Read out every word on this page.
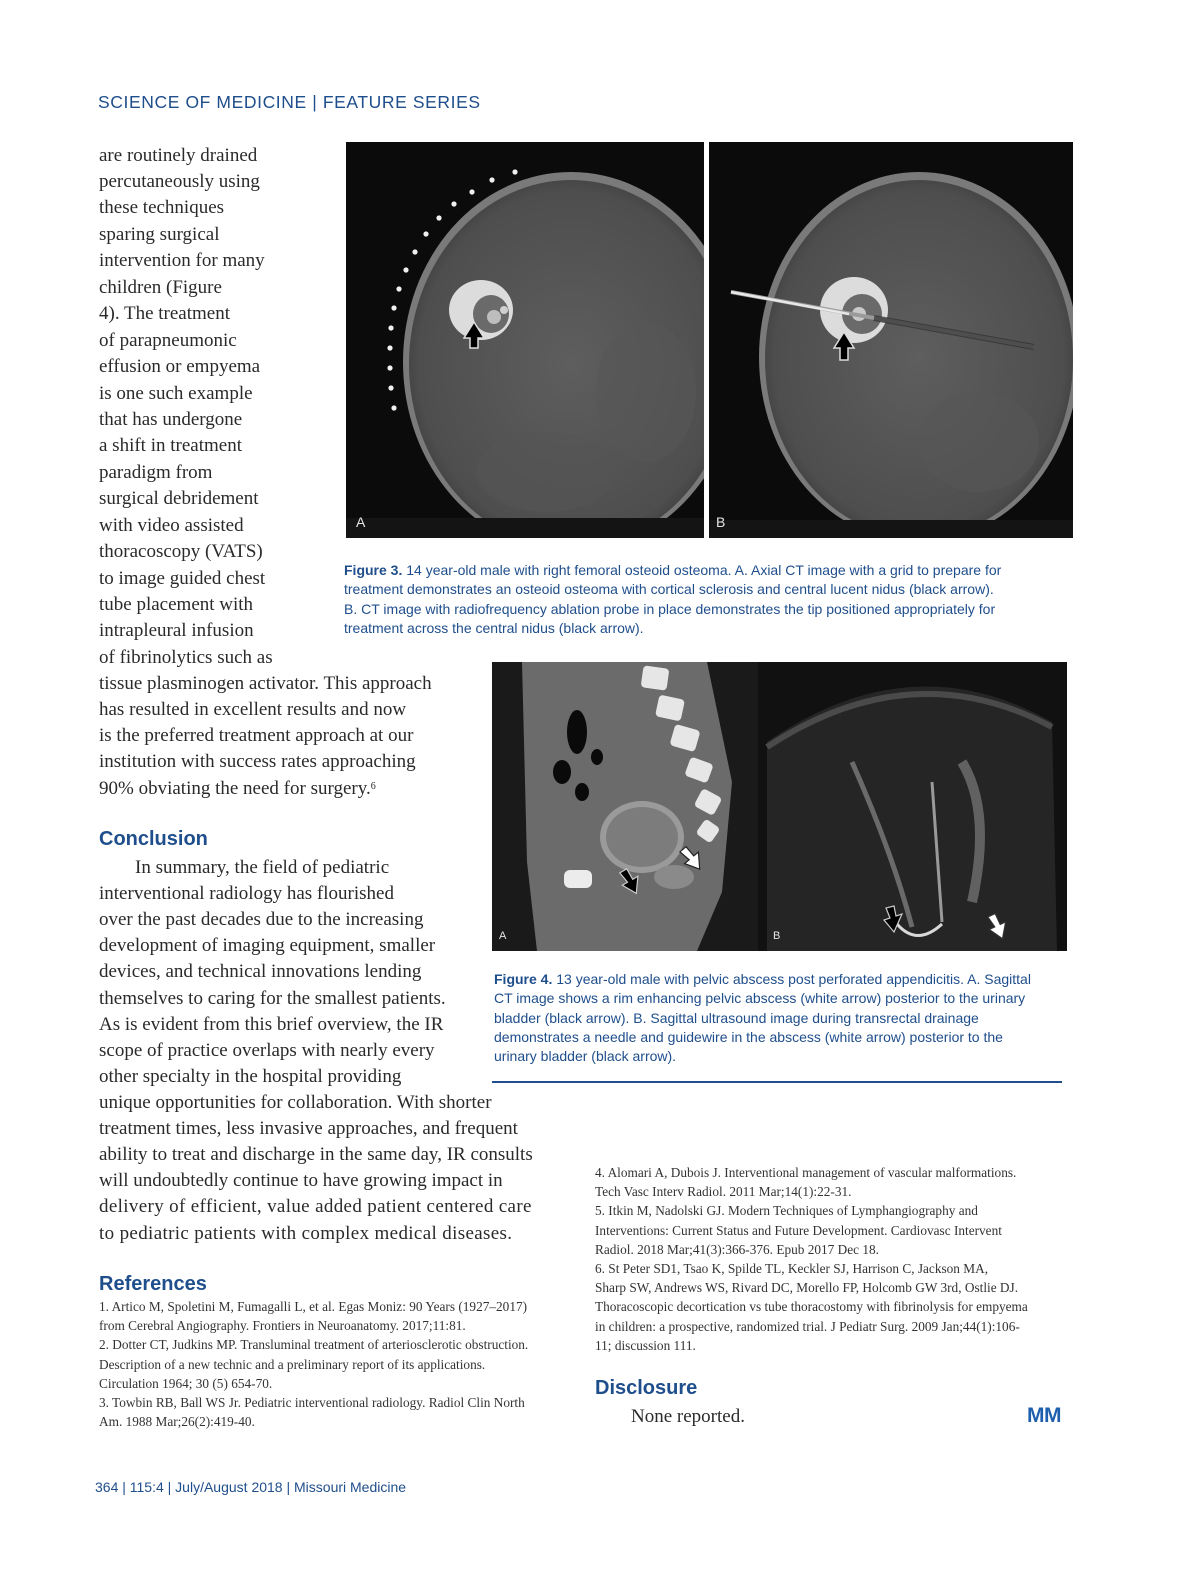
SCIENCE OF MEDICINE | FEATURE SERIES
are routinely drained
percutaneously using
these techniques
sparing surgical
intervention for many
children (Figure
4). The treatment
of parapneumonic
effusion or empyema
is one such example
that has undergone
a shift in treatment
paradigm from
surgical debridement
with video assisted
thoracoscopy (VATS)
to image guided chest
tube placement with
intrapleural infusion
of fibrinolytics such as
tissue plasminogen activator. This approach
has resulted in excellent results and now
is the preferred treatment approach at our
institution with success rates approaching
90% obviating the need for surgery.$^6$
A	B
Figure 3. 14 year-old male with right femoral osteoid osteoma. A. Axial CT image with a grid to prepare for
treatment demonstrates an osteoid osteoma with cortical sclerosis and central lucent nidus (black arrow).
B. CT image with radiofrequency ablation probe in place demonstrates the tip positioned appropriately for
treatment across the central nidus (black arrow).
A	B
Figure 4. 13 year-old male with pelvic abscess post perforated appendicitis. A. Sagittal
CT image shows a rim enhancing pelvic abscess (white arrow) posterior to the urinary
bladder (black arrow). B. Sagittal ultrasound image during transrectal drainage
demonstrates a needle and guidewire in the abscess (white arrow) posterior to the
urinary bladder (black arrow).
Conclusion
In summary, the field of pediatric
interventional radiology has flourished
over the past decades due to the increasing
development of imaging equipment, smaller
devices, and technical innovations lending
themselves to caring for the smallest patients.
As is evident from this brief overview, the IR
scope of practice overlaps with nearly every
other specialty in the hospital providing
unique opportunities for collaboration. With shorter
treatment times, less invasive approaches, and frequent
ability to treat and discharge in the same day, IR consults
will undoubtedly continue to have growing impact in
delivery of efficient, value added patient centered care
to pediatric patients with complex medical diseases.
References
1. Artico M, Spoletini M, Fumagalli L, et al. Egas Moniz: 90 Years (1927–2017)
from Cerebral Angiography. Frontiers in Neuroanatomy. 2017;11:81.
2. Dotter CT, Judkins MP. Transluminal treatment of arteriosclerotic obstruction.
Description of a new technic and a preliminary report of its applications.
Circulation 1964; 30 (5) 654-70.
3. Towbin RB, Ball WS Jr. Pediatric interventional radiology. Radiol Clin North
Am. 1988 Mar;26(2):419-40.
4. Alomari A, Dubois J. Interventional management of vascular malformations.
Tech Vasc Interv Radiol. 2011 Mar;14(1):22-31.
5. Itkin M, Nadolski GJ. Modern Techniques of Lymphangiography and
Interventions: Current Status and Future Development. Cardiovasc Intervent
Radiol. 2018 Mar;41(3):366-376. Epub 2017 Dec 18.
6. St Peter SD1, Tsao K, Spilde TL, Keckler SJ, Harrison C, Jackson MA,
Sharp SW, Andrews WS, Rivard DC, Morello FP, Holcomb GW 3rd, Ostlie DJ.
Thoracoscopic decortication vs tube thoracostomy with fibrinolysis for empyema
in children: a prospective, randomized trial. J Pediatr Surg. 2009 Jan;44(1):106-
11; discussion 111.
Disclosure
None reported.	MM
364 | 115:4 | July/August 2018 | Missouri Medicine
